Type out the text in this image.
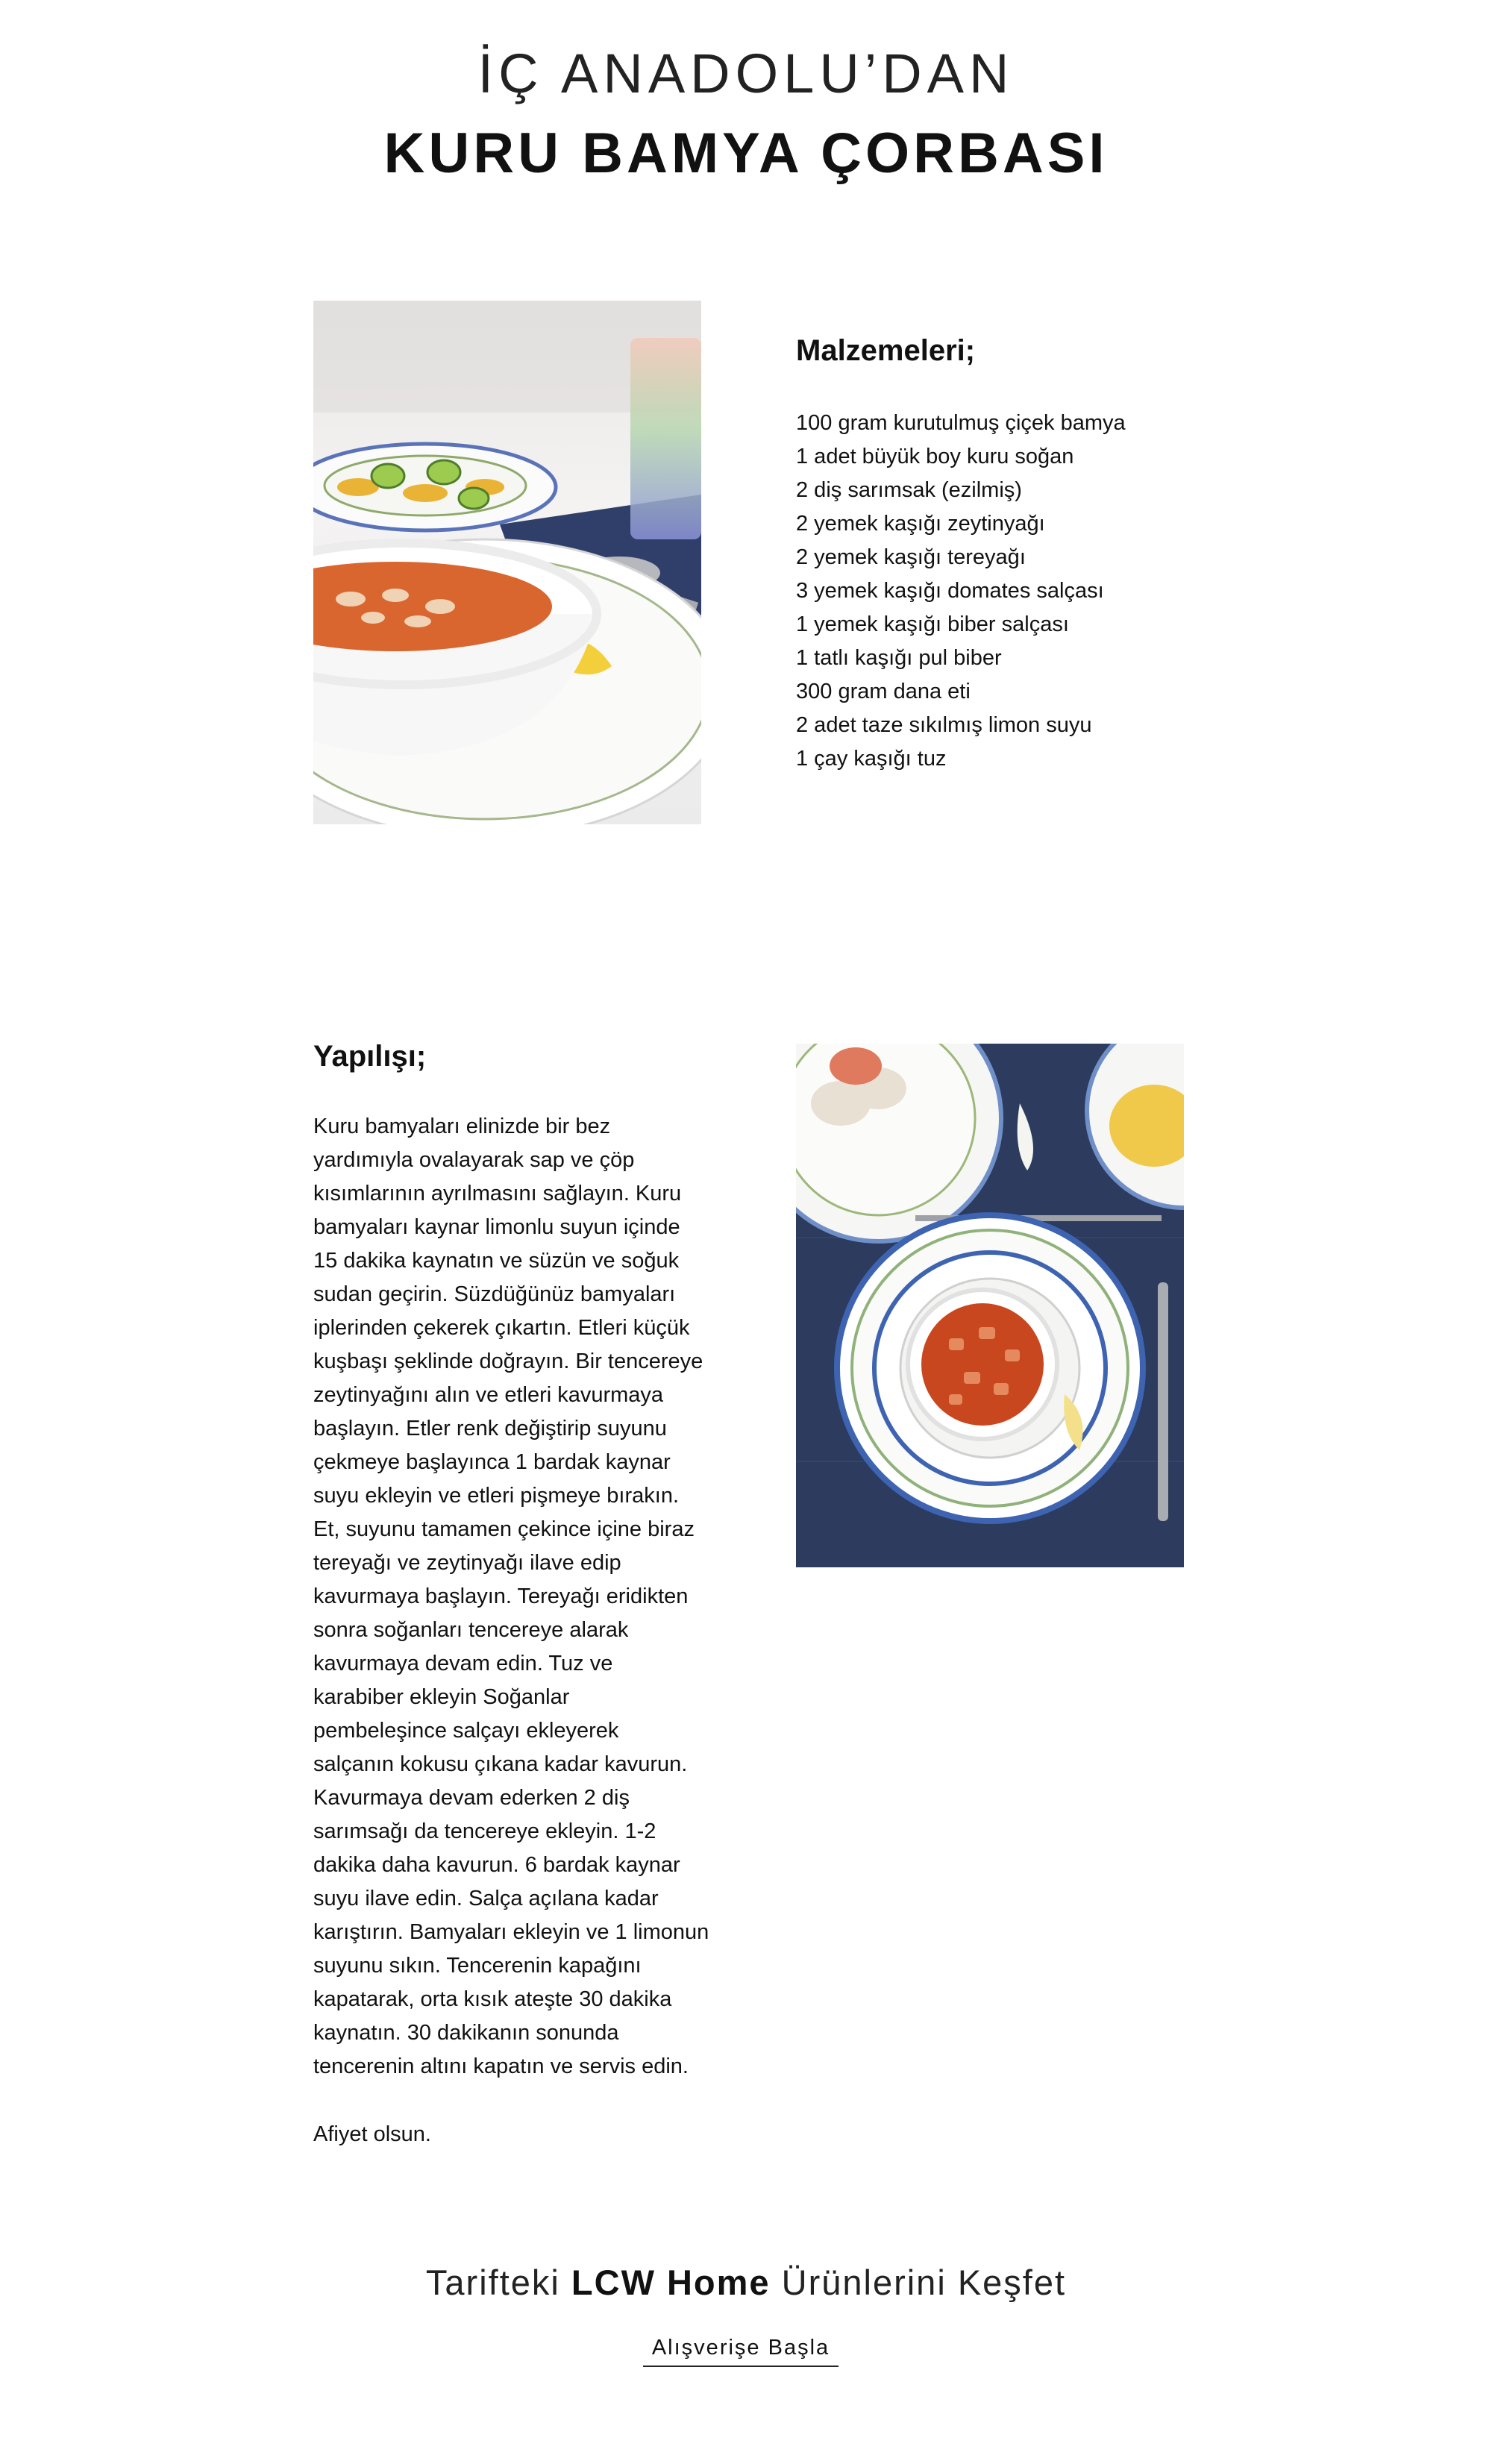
İÇ ANADOLU’DAN
KURU BAMYA ÇORBASI
Malzemeleri;
100 gram kurutulmuş çiçek bamya
1 adet büyük boy kuru soğan
2 diş sarımsak (ezilmiş)
2 yemek kaşığı zeytinyağı
2 yemek kaşığı tereyağı
3 yemek kaşığı domates salçası
1 yemek kaşığı biber salçası
1 tatlı kaşığı pul biber
300 gram dana eti
2 adet taze sıkılmış limon suyu
1 çay kaşığı tuz
Yapılışı;
Kuru bamyaları elinizde bir bez
yardımıyla ovalayarak sap ve çöp
kısımlarının ayrılmasını sağlayın. Kuru
bamyaları kaynar limonlu suyun içinde
15 dakika kaynatın ve süzün ve soğuk
sudan geçirin. Süzdüğünüz bamyaları
iplerinden çekerek çıkartın. Etleri küçük
kuşbaşı şeklinde doğrayın. Bir tencereye
zeytinyağını alın ve etleri kavurmaya
başlayın. Etler renk değiştirip suyunu
çekmeye başlayınca 1 bardak kaynar
suyu ekleyin ve etleri pişmeye bırakın.
Et, suyunu tamamen çekince içine biraz
tereyağı ve zeytinyağı ilave edip
kavurmaya başlayın. Tereyağı eridikten
sonra soğanları tencereye alarak
kavurmaya devam edin. Tuz ve
karabiber ekleyin Soğanlar
pembeleşince salçayı ekleyerek
salçanın kokusu çıkana kadar kavurun.
Kavurmaya devam ederken 2 diş
sarımsağı da tencereye ekleyin. 1-2
dakika daha kavurun. 6 bardak kaynar
suyu ilave edin. Salça açılana kadar
karıştırın. Bamyaları ekleyin ve 1 limonun
suyunu sıkın. Tencerenin kapağını
kapatarak, orta kısık ateşte 30 dakika
kaynatın. 30 dakikanın sonunda
tencerenin altını kapatın ve servis edin.

Afiyet olsun.

Tarifteki LCW Home Ürünlerini Keşfet
Alışverişe Başla
